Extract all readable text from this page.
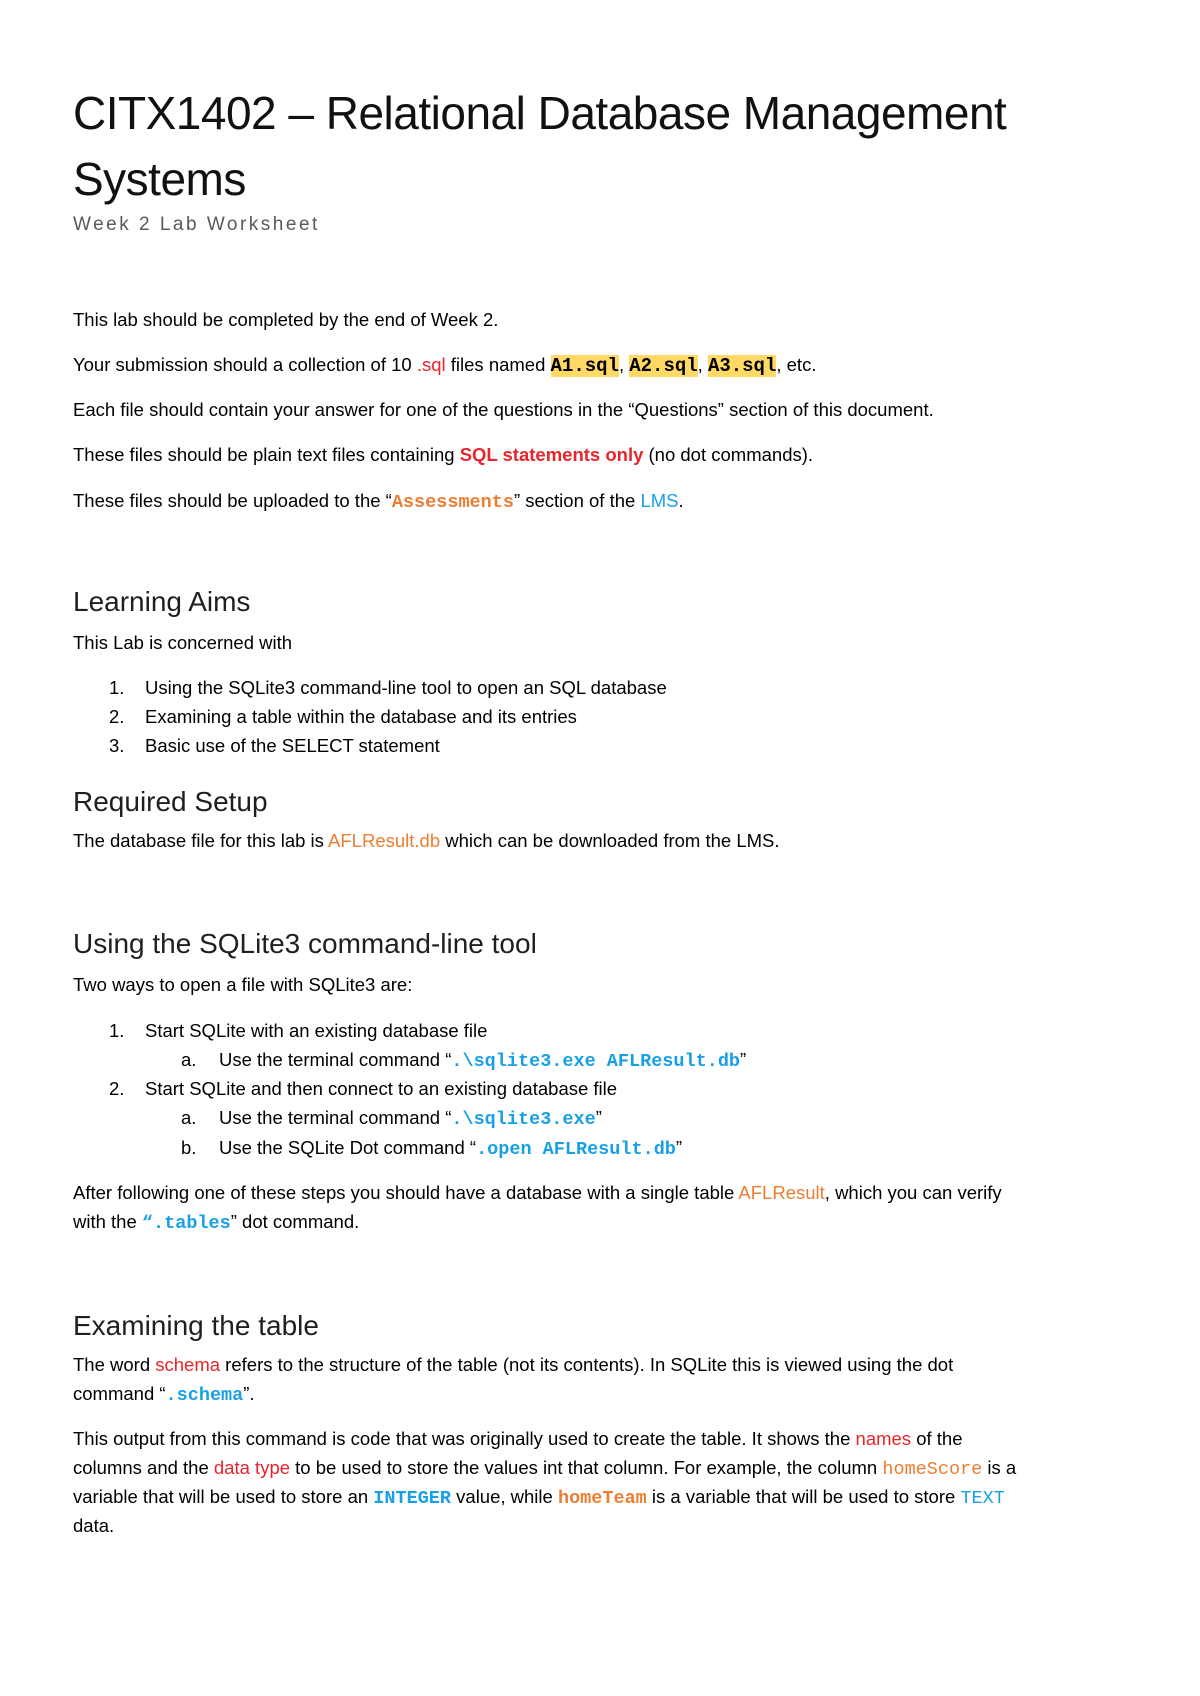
CITX1402 – Relational Database Management Systems
Week 2 Lab Worksheet

This lab should be completed by the end of Week 2.

Your submission should a collection of 10 .sql files named A1.sql, A2.sql, A3.sql, etc.

Each file should contain your answer for one of the questions in the “Questions” section of this document.

These files should be plain text files containing SQL statements only (no dot commands).

These files should be uploaded to the “Assessments” section of the LMS.

Learning Aims

This Lab is concerned with

1. Using the SQLite3 command-line tool to open an SQL database
2. Examining a table within the database and its entries
3. Basic use of the SELECT statement
Required Setup

The database file for this lab is AFLResult.db which can be downloaded from the LMS.

Using the SQLite3 command-line tool

Two ways to open a file with SQLite3 are:

1. Start SQLite with an existing database file
a. Use the terminal command “.\sqlite3.exe AFLResult.db”
2. Start SQLite and then connect to an existing database file
a. Use the terminal command “.\sqlite3.exe”
b. Use the SQLite Dot command “.open AFLResult.db”

After following one of these steps you should have a database with a single table AFLResult, which you can verify

with the “.tables” dot command.

Examining the table

The word schema refers to the structure of the table (not its contents). In SQLite this is viewed using the dot

command “.schema”.

This output from this command is code that was originally used to create the table. It shows the names of the

columns and the data type to be used to store the values int that column. For example, the column homeScore is a

variable that will be used to store an INTEGER value, while homeTeam is a variable that will be used to store TEXT

data.
